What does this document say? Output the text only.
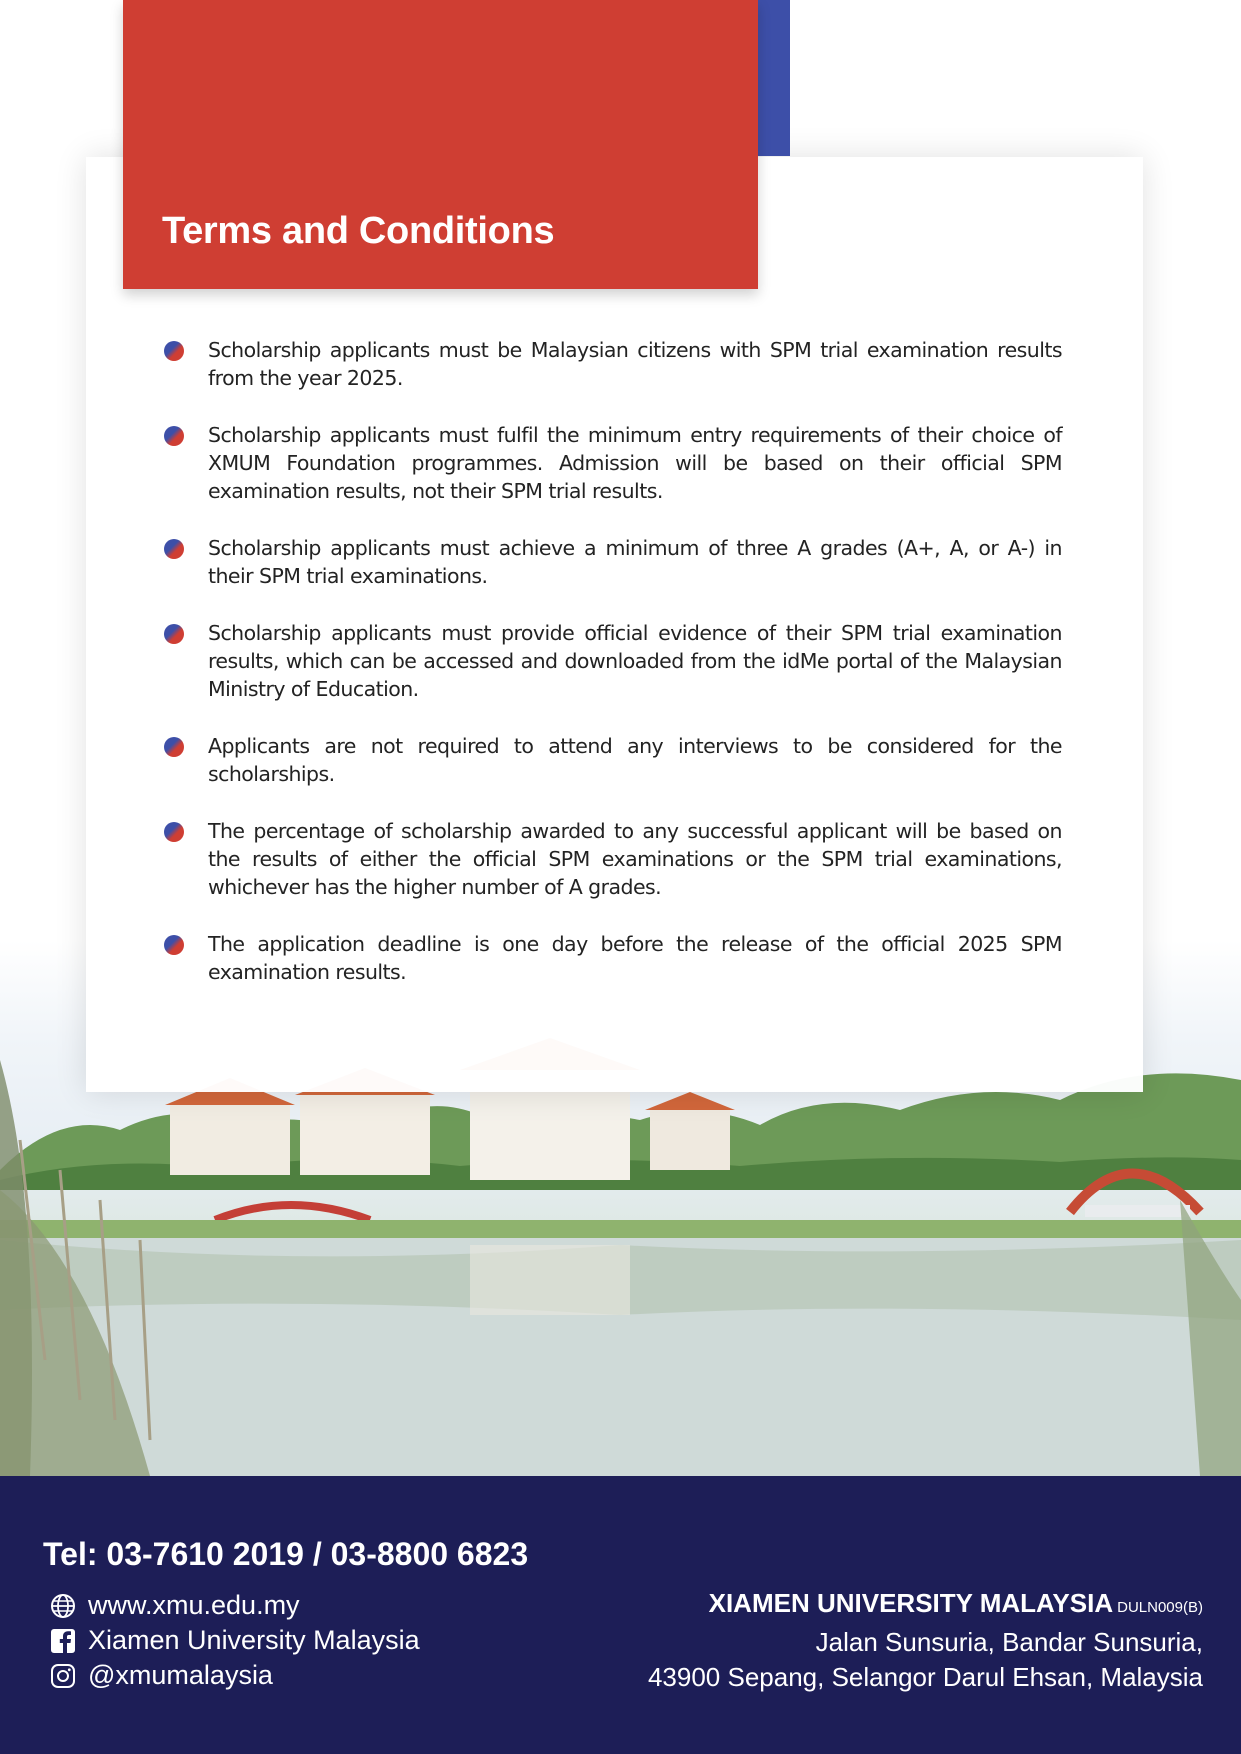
Terms and Conditions
Scholarship applicants must be Malaysian citizens with SPM trial examination results from the year 2025.
Scholarship applicants must fulfil the minimum entry requirements of their choice of XMUM Foundation programmes. Admission will be based on their official SPM examination results, not their SPM trial results.
Scholarship applicants must achieve a minimum of three A grades (A+, A, or A-) in their SPM trial examinations.
Scholarship applicants must provide official evidence of their SPM trial examination results, which can be accessed and downloaded from the idMe portal of the Malaysian Ministry of Education.
Applicants are not required to attend any interviews to be considered for the scholarships.
The percentage of scholarship awarded to any successful applicant will be based on the results of either the official SPM examinations or the SPM trial examinations, whichever has the higher number of A grades.
The application deadline is one day before the release of the official 2025 SPM examination results.

Tel: 03-7610 2019 / 03-8800 6823

www.xmu.edu.my
Xiamen University Malaysia
@xmumalaysia
XIAMEN UNIVERSITY MALAYSIA DULN009(B)
Jalan Sunsuria, Bandar Sunsuria,
43900 Sepang, Selangor Darul Ehsan, Malaysia
